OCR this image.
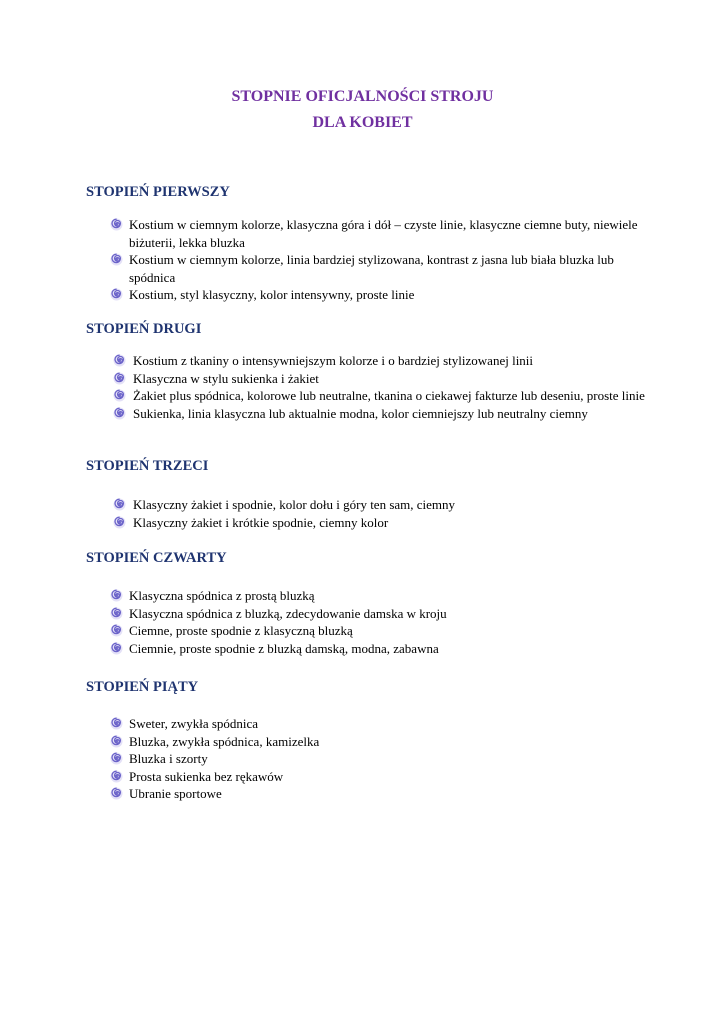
STOPNIE OFICJALNOŚCI STROJU
DLA KOBIET
STOPIEŃ PIERWSZY
Kostium w ciemnym kolorze, klasyczna góra i dół – czyste linie, klasyczne ciemne buty, niewiele biżuterii, lekka bluzka
Kostium w ciemnym kolorze, linia bardziej stylizowana, kontrast z jasna lub biała bluzka lub spódnica
Kostium, styl klasyczny, kolor intensywny, proste linie
STOPIEŃ DRUGI
Kostium z tkaniny o intensywniejszym kolorze i o bardziej stylizowanej linii
Klasyczna w stylu sukienka i żakiet
Żakiet plus spódnica, kolorowe lub neutralne, tkanina o ciekawej fakturze lub deseniu, proste linie
Sukienka, linia klasyczna lub aktualnie modna, kolor ciemniejszy lub neutralny ciemny
STOPIEŃ TRZECI
Klasyczny żakiet i spodnie, kolor dołu i góry ten sam, ciemny
Klasyczny żakiet i krótkie spodnie, ciemny kolor
STOPIEŃ CZWARTY
Klasyczna spódnica z prostą bluzką
Klasyczna spódnica z bluzką, zdecydowanie damska w kroju
Ciemne, proste spodnie z klasyczną bluzką
Ciemnie, proste spodnie z bluzką damską, modna, zabawna
STOPIEŃ PIĄTY
Sweter, zwykła spódnica
Bluzka, zwykła spódnica, kamizelka
Bluzka i szorty
Prosta sukienka bez rękawów
Ubranie sportowe
